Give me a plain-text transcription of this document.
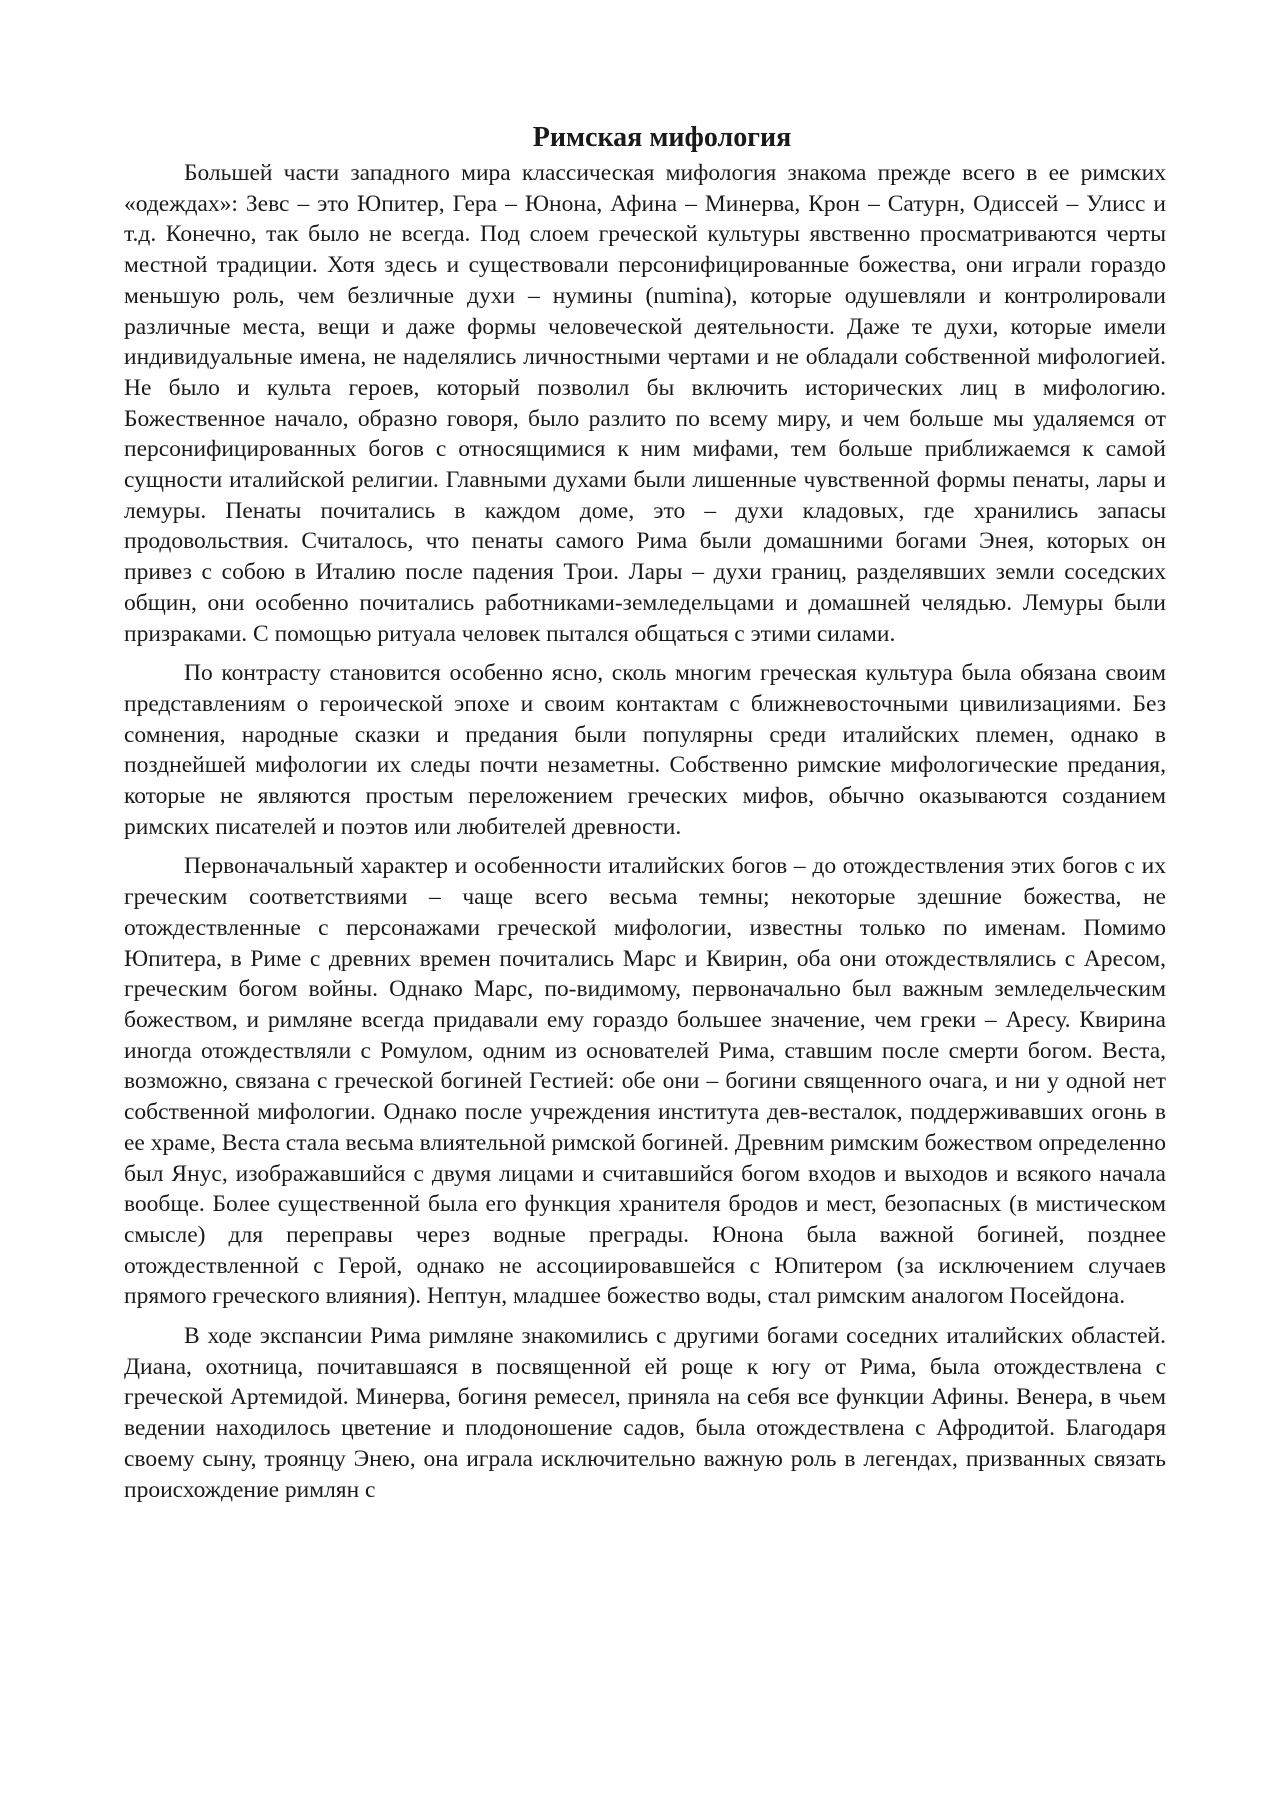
Римская мифология

Большей части западного мира классическая мифология знакома прежде всего в ее римских «одеждах»: Зевс – это Юпитер, Гера – Юнона, Афина – Минерва, Крон – Сатурн, Одиссей – Улисс и т.д. Конечно, так было не всегда. Под слоем греческой культуры явственно просматриваются черты местной традиции. Хотя здесь и существовали персонифицированные божества, они играли гораздо меньшую роль, чем безличные духи – нумины (numina), которые одушевляли и контролировали различные места, вещи и даже формы человеческой деятельности. Даже те духи, которые имели индивидуальные имена, не наделялись личностными чертами и не обладали собственной мифологией. Не было и культа героев, который позволил бы включить исторических лиц в мифологию. Божественное начало, образно говоря, было разлито по всему миру, и чем больше мы удаляемся от персонифицированных богов с относящимися к ним мифами, тем больше приближаемся к самой сущности италийской религии. Главными духами были лишенные чувственной формы пенаты, лары и лемуры. Пенаты почитались в каждом доме, это – духи кладовых, где хранились запасы продовольствия. Считалось, что пенаты самого Рима были домашними богами Энея, которых он привез с собою в Италию после падения Трои. Лары – духи границ, разделявших земли соседских общин, они особенно почитались работниками-земледельцами и домашней челядью. Лемуры были призраками. С помощью ритуала человек пытался общаться с этими силами.

По контрасту становится особенно ясно, сколь многим греческая культура была обязана своим представлениям о героической эпохе и своим контактам с ближневосточными цивилизациями. Без сомнения, народные сказки и предания были популярны среди италийских племен, однако в позднейшей мифологии их следы почти незаметны. Собственно римские мифологические предания, которые не являются простым переложением греческих мифов, обычно оказываются созданием римских писателей и поэтов или любителей древности.

Первоначальный характер и особенности италийских богов – до отождествления этих богов с их греческим соответствиями – чаще всего весьма темны; некоторые здешние божества, не отождествленные с персонажами греческой мифологии, известны только по именам. Помимо Юпитера, в Риме с древних времен почитались Марс и Квирин, оба они отождествлялись с Аресом, греческим богом войны. Однако Марс, по-видимому, первоначально был важным земледельческим божеством, и римляне всегда придавали ему гораздо большее значение, чем греки – Аресу. Квирина иногда отождествляли с Ромулом, одним из основателей Рима, ставшим после смерти богом. Веста, возможно, связана с греческой богиней Гестией: обе они – богини священного очага, и ни у одной нет собственной мифологии. Однако после учреждения института дев-весталок, поддерживавших огонь в ее храме, Веста стала весьма влиятельной римской богиней. Древним римским божеством определенно был Янус, изображавшийся с двумя лицами и считавшийся богом входов и выходов и всякого начала вообще. Более существенной была его функция хранителя бродов и мест, безопасных (в мистическом смысле) для переправы через водные преграды. Юнона была важной богиней, позднее отождествленной с Герой, однако не ассоциировавшейся с Юпитером (за исключением случаев прямого греческого влияния). Нептун, младшее божество воды, стал римским аналогом Посейдона.

В ходе экспансии Рима римляне знакомились с другими богами соседних италийских областей. Диана, охотница, почитавшаяся в посвященной ей роще к югу от Рима, была отождествлена с греческой Артемидой. Минерва, богиня ремесел, приняла на себя все функции Афины. Венера, в чьем ведении находилось цветение и плодоношение садов, была отождествлена с Афродитой. Благодаря своему сыну, троянцу Энею, она играла исключительно важную роль в легендах, призванных связать происхождение римлян с
